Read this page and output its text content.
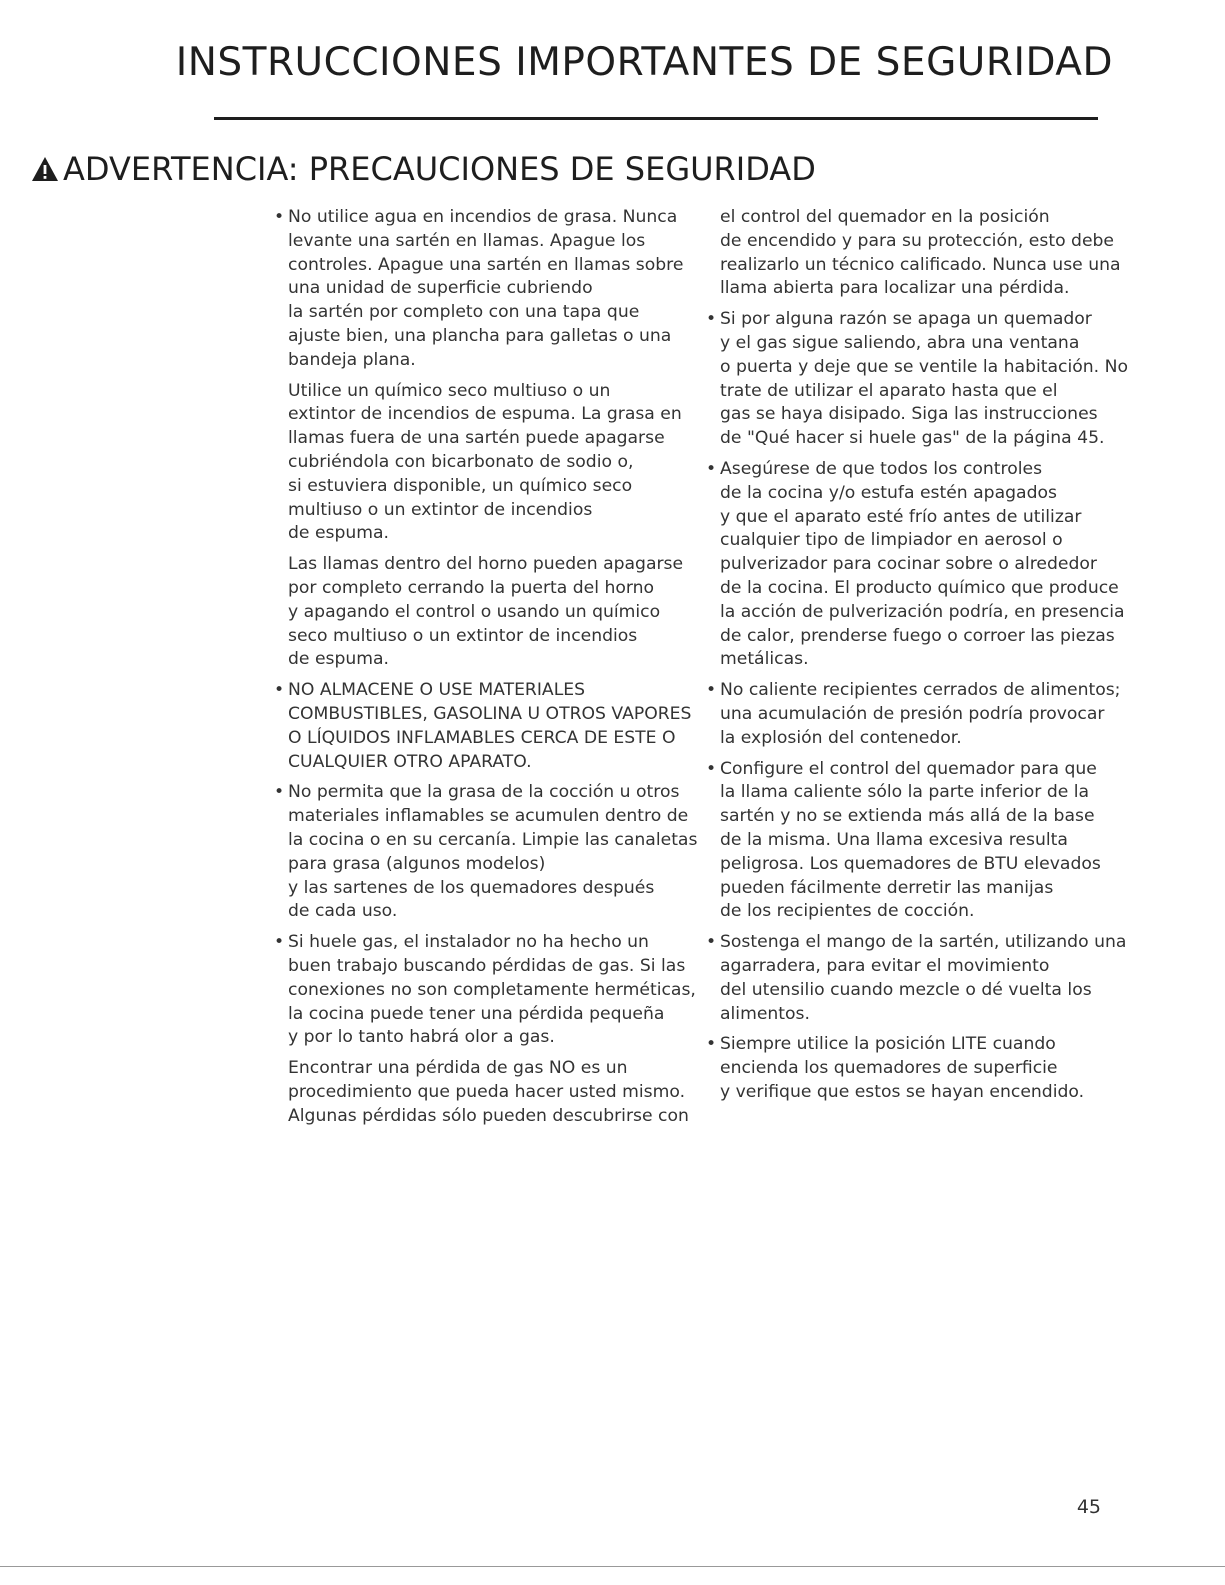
INSTRUCCIONES IMPORTANTES DE SEGURIDAD
ADVERTENCIA: PRECAUCIONES DE SEGURIDAD
• No utilice agua en incendios de grasa. Nunca
levante una sartén en llamas. Apague los
controles. Apague una sartén en llamas sobre
una unidad de superficie cubriendo
la sartén por completo con una tapa que
ajuste bien, una plancha para galletas o una
bandeja plana.
Utilice un químico seco multiuso o un
extintor de incendios de espuma. La grasa en
llamas fuera de una sartén puede apagarse
cubriéndola con bicarbonato de sodio o,
si estuviera disponible, un químico seco
multiuso o un extintor de incendios
de espuma.
Las llamas dentro del horno pueden apagarse
por completo cerrando la puerta del horno
y apagando el control o usando un químico
seco multiuso o un extintor de incendios
de espuma.
• NO ALMACENE O USE MATERIALES
COMBUSTIBLES, GASOLINA U OTROS VAPORES
O LÍQUIDOS INFLAMABLES CERCA DE ESTE O
CUALQUIER OTRO APARATO.
• No permita que la grasa de la cocción u otros
materiales inflamables se acumulen dentro de
la cocina o en su cercanía. Limpie las canaletas
para grasa (algunos modelos)
y las sartenes de los quemadores después
de cada uso.
• Si huele gas, el instalador no ha hecho un
buen trabajo buscando pérdidas de gas. Si las
conexiones no son completamente herméticas,
la cocina puede tener una pérdida pequeña
y por lo tanto habrá olor a gas.
Encontrar una pérdida de gas NO es un
procedimiento que pueda hacer usted mismo.
Algunas pérdidas sólo pueden descubrirse con
el control del quemador en la posición
de encendido y para su protección, esto debe
realizarlo un técnico calificado. Nunca use una
llama abierta para localizar una pérdida.
• Si por alguna razón se apaga un quemador
y el gas sigue saliendo, abra una ventana
o puerta y deje que se ventile la habitación. No
trate de utilizar el aparato hasta que el
gas se haya disipado. Siga las instrucciones
de "Qué hacer si huele gas" de la página 45.
• Asegúrese de que todos los controles
de la cocina y/o estufa estén apagados
y que el aparato esté frío antes de utilizar
cualquier tipo de limpiador en aerosol o
pulverizador para cocinar sobre o alrededor
de la cocina. El producto químico que produce
la acción de pulverización podría, en presencia
de calor, prenderse fuego o corroer las piezas
metálicas.
• No caliente recipientes cerrados de alimentos;
una acumulación de presión podría provocar
la explosión del contenedor.
• Configure el control del quemador para que
la llama caliente sólo la parte inferior de la
sartén y no se extienda más allá de la base
de la misma. Una llama excesiva resulta
peligrosa. Los quemadores de BTU elevados
pueden fácilmente derretir las manijas
de los recipientes de cocción.
• Sostenga el mango de la sartén, utilizando una
agarradera, para evitar el movimiento
del utensilio cuando mezcle o dé vuelta los
alimentos.
• Siempre utilice la posición LITE cuando
encienda los quemadores de superficie
y verifique que estos se hayan encendido.
45
